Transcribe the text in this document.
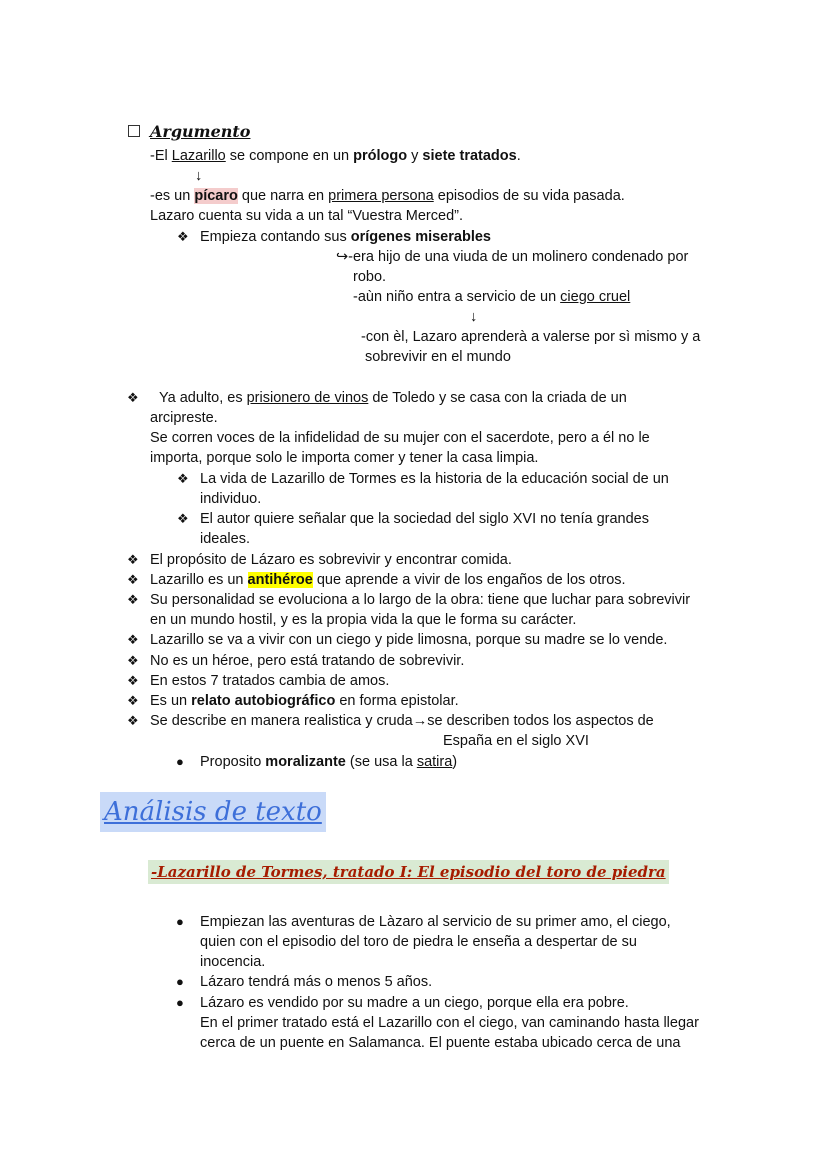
Argumento
-El Lazarillo se compone en un prólogo y siete tratados.
↓
-es un pícaro que narra en primera persona episodios de su vida pasada.
Lazaro cuenta su vida a un tal “Vuestra Merced”.
❖ Empieza contando sus orígenes miserables
↪-era hijo de una viuda de un molinero condenado por
robo.
-aùn niño entra a servicio de un ciego cruel
↓
-con èl, Lazaro aprenderà a valerse por sì mismo y a
sobrevivir en el mundo
❖ Ya adulto, es prisionero de vinos de Toledo y se casa con la criada de un
arcipreste.
Se corren voces de la infidelidad de su mujer con el sacerdote, pero a él no le
importa, porque solo le importa comer y tener la casa limpia.
❖ La vida de Lazarillo de Tormes es la historia de la educación social de un
individuo.
❖ El autor quiere señalar que la sociedad del siglo XVI no tenía grandes
ideales.
❖ El propósito de Lázaro es sobrevivir y encontrar comida.
❖ Lazarillo es un antihéroe que aprende a vivir de los engaños de los otros.
❖ Su personalidad se evoluciona a lo largo de la obra: tiene que luchar para sobrevivir
en un mundo hostil, y es la propia vida la que le forma su carácter.
❖ Lazarillo se va a vivir con un ciego y pide limosna, porque su madre se lo vende.
❖ No es un héroe, pero está tratando de sobrevivir.
❖ En estos 7 tratados cambia de amos.
❖ Es un relato autobiográfico en forma epistolar.
❖ Se describe en manera realistica y cruda→se describen todos los aspectos de
España en el siglo XVI
● Proposito moralizante (se usa la satira)
Análisis de texto
-Lazarillo de Tormes, tratado I: El episodio del toro de piedra
● Empiezan las aventuras de Làzaro al servicio de su primer amo, el ciego,
quien con el episodio del toro de piedra le enseña a despertar de su
inocencia.
● Lázaro tendrá más o menos 5 años.
● Lázaro es vendido por su madre a un ciego, porque ella era pobre.
En el primer tratado está el Lazarillo con el ciego, van caminando hasta llegar
cerca de un puente en Salamanca. El puente estaba ubicado cerca de una
